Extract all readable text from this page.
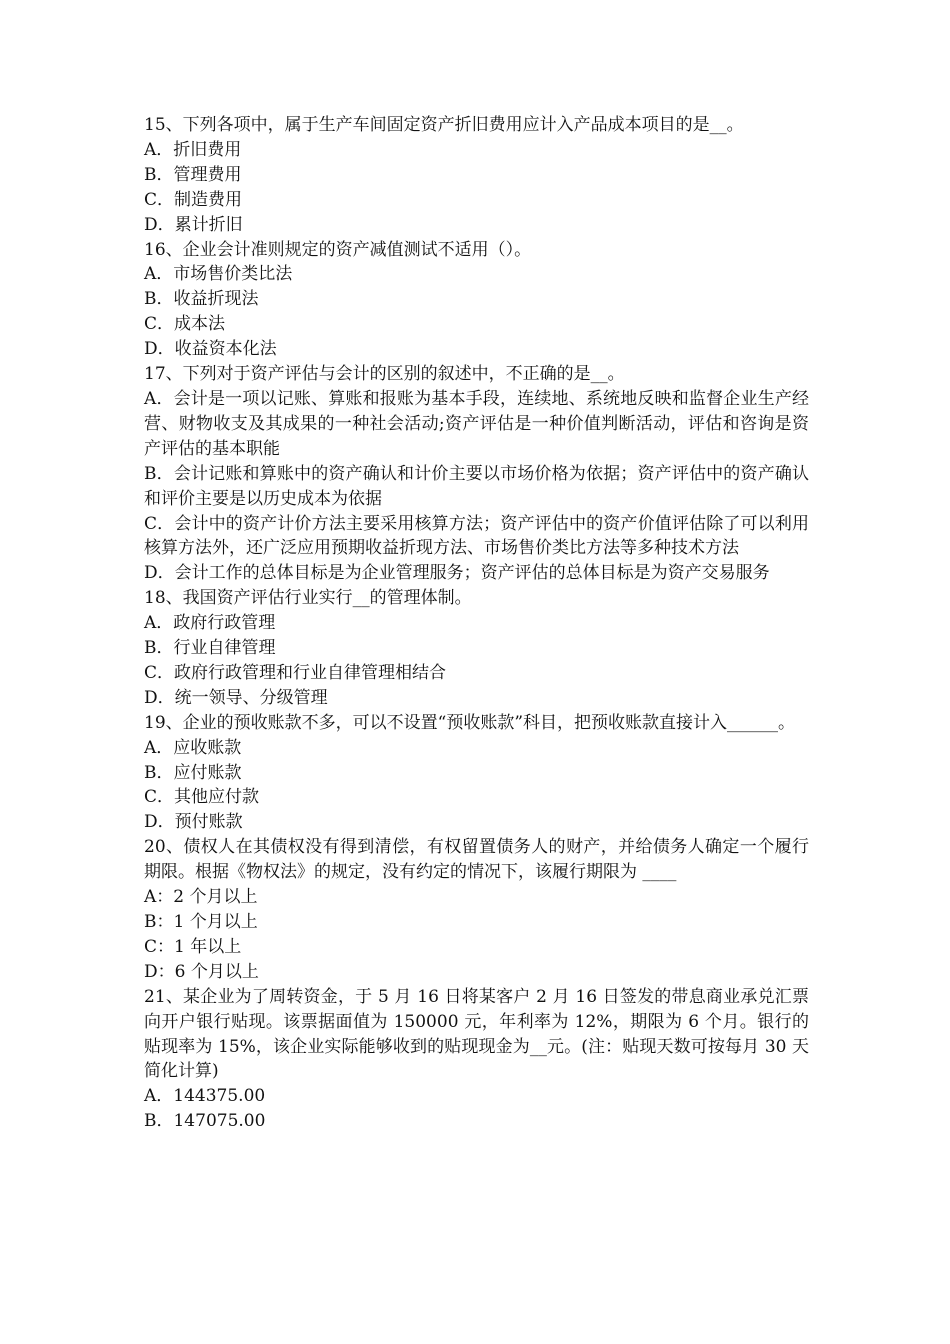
15、下列各项中，属于生产车间固定资产折旧费用应计入产品成本项目的是__。

A．折旧费用

B．管理费用

C．制造费用

D．累计折旧

16、企业会计准则规定的资产减值测试不适用（）。

A．市场售价类比法

B．收益折现法

C．成本法

D．收益资本化法

17、下列对于资产评估与会计的区别的叙述中，不正确的是__。

A．会计是一项以记账、算账和报账为基本手段，连续地、系统地反映和监督企业生产经营、财物收支及其成果的一种社会活动;资产评估是一种价值判断活动，评估和咨询是资产评估的基本职能

B．会计记账和算账中的资产确认和计价主要以市场价格为依据；资产评估中的资产确认和评价主要是以历史成本为依据

C．会计中的资产计价方法主要采用核算方法；资产评估中的资产价值评估除了可以利用核算方法外，还广泛应用预期收益折现方法、市场售价类比方法等多种技术方法

D．会计工作的总体目标是为企业管理服务；资产评估的总体目标是为资产交易服务

18、我国资产评估行业实行__的管理体制。

A．政府行政管理

B．行业自律管理

C．政府行政管理和行业自律管理相结合

D．统一领导、分级管理

19、企业的预收账款不多，可以不设置“预收账款”科目，把预收账款直接计入______。

A．应收账款

B．应付账款

C．其他应付款

D．预付账款

20、债权人在其债权没有得到清偿，有权留置债务人的财产，并给债务人确定一个履行期限。根据《物权法》的规定，没有约定的情况下，该履行期限为 ____

A：2 个月以上

B：1 个月以上

C：1 年以上

D：6 个月以上

21、某企业为了周转资金，于 5 月 16 日将某客户 2 月 16 日签发的带息商业承兑汇票向开户银行贴现。该票据面值为 150000 元，年利率为 12%，期限为 6 个月。银行的贴现率为 15%，该企业实际能够收到的贴现现金为__元。(注：贴现天数可按每月 30 天简化计算)

A．144375.00

B．147075.00
